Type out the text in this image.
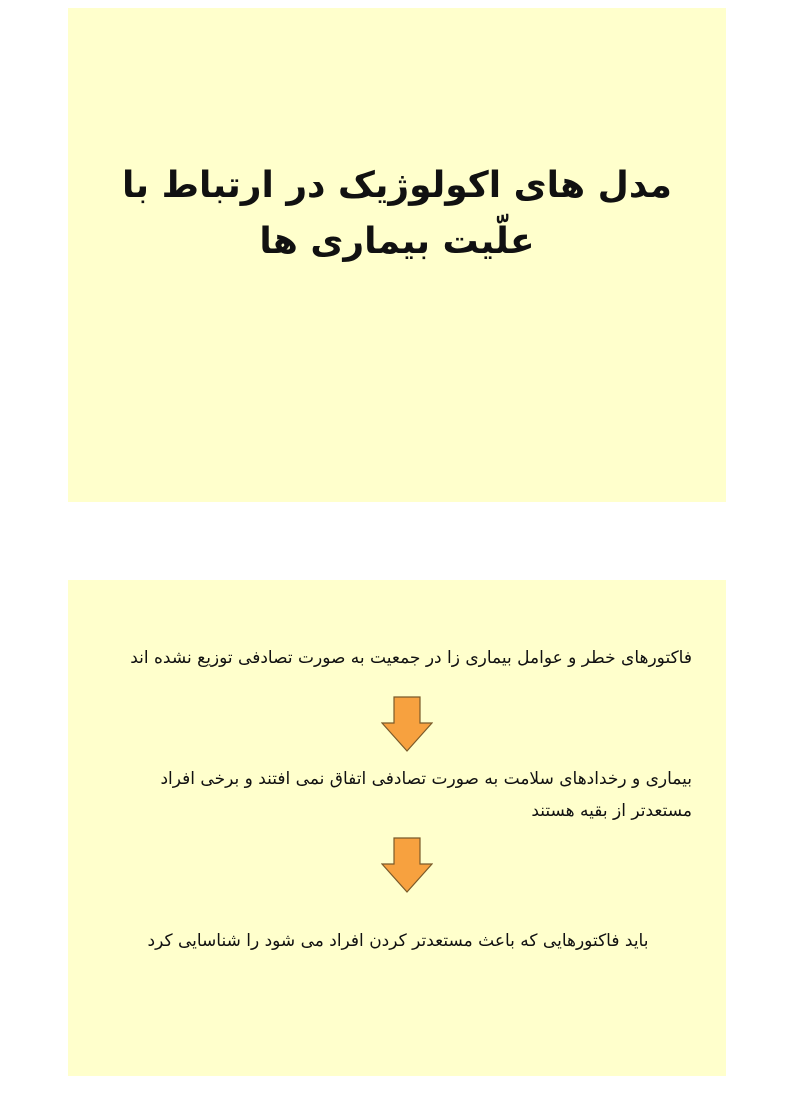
مدل های اکولوژیک در ارتباط با
علّیت بیماری ها

فاکتورهای خطر و عوامل بیماری زا در جمعیت به صورت تصادفی توزیع نشده اند

بیماری و رخدادهای سلامت به صورت تصادفی اتفاق نمی افتند و برخی افراد مستعدتر از بقیه هستند

باید فاکتورهایی که باعث مستعدتر کردن افراد می شود را شناسایی کرد
